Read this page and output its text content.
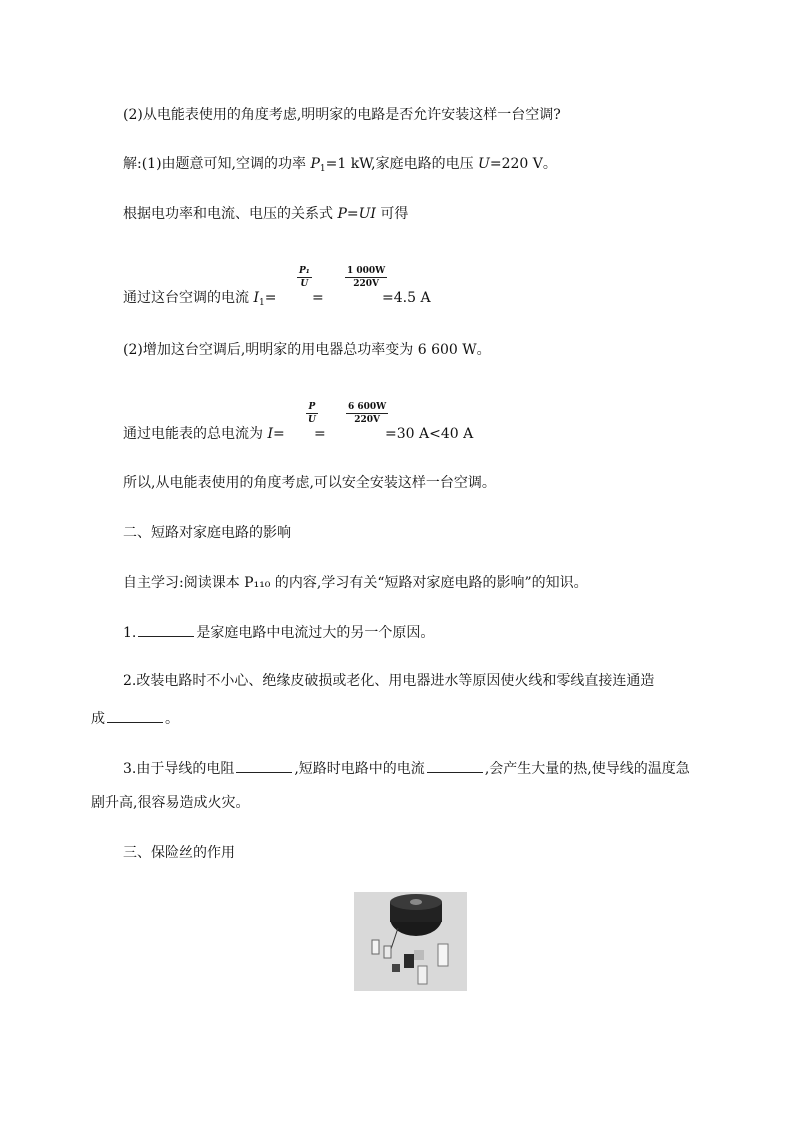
(2)从电能表使用的角度考虑,明明家的电路是否允许安装这样一台空调?
解:(1)由题意可知,空调的功率 $P_1=1$ kW,家庭电路的电压 U=220 V。
根据电功率和电流、电压的关系式 P=UI 可得
通过这台空调的电流 $I_1=$
$\frac{\text{P₁}}{U}$
=
$\frac{1 000W}{220V}$
=4.5 A
(2)增加这台空调后,明明家的用电器总功率变为 6 600 W。
通过电能表的总电流为 I=
$\frac{P}{U}$
=
$\frac{6 600W}{220V}$
=30 A<40 A
所以,从电能表使用的角度考虑,可以安全安装这样一台空调。
二、短路对家庭电路的影响
自主学习:阅读课本 P₁₁₀ 的内容,学习有关“短路对家庭电路的影响”的知识。
1.	是家庭电路中电流过大的另一个原因。
2.改装电路时不小心、绝缘皮破损或老化、用电器进水等原因使火线和零线直接连通造
成	。
3.由于导线的电阻	,短路时电路中的电流	,会产生大量的热,使导线的温度急
剧升高,很容易造成火灾。
三、保险丝的作用
